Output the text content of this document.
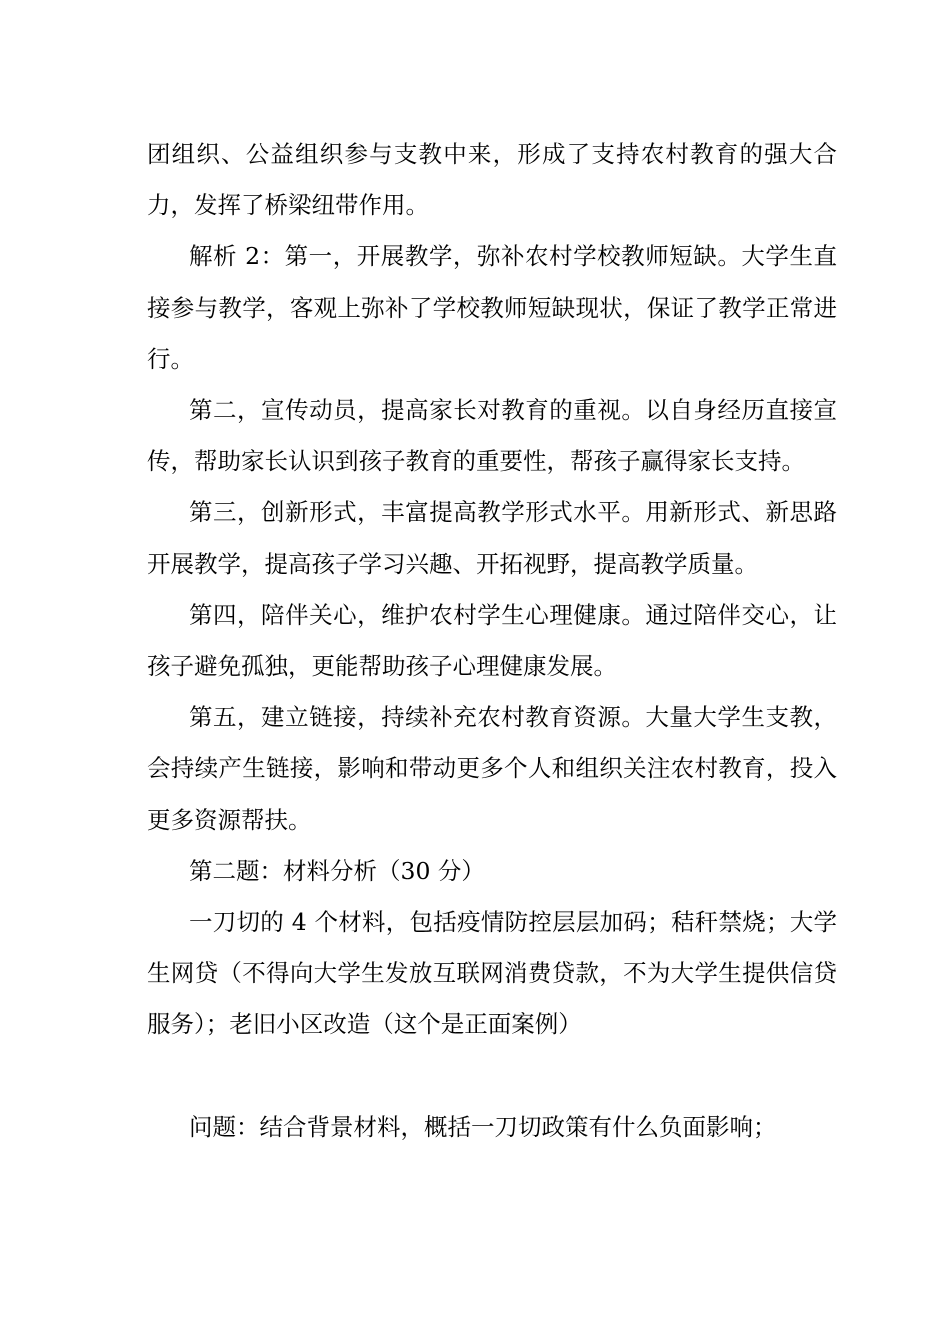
团组织、公益组织参与支教中来，形成了支持农村教育的强大合力，发挥了桥梁纽带作用。

解析 2：第一，开展教学，弥补农村学校教师短缺。大学生直接参与教学，客观上弥补了学校教师短缺现状，保证了教学正常进行。

第二，宣传动员，提高家长对教育的重视。以自身经历直接宣传，帮助家长认识到孩子教育的重要性，帮孩子赢得家长支持。

第三，创新形式，丰富提高教学形式水平。用新形式、新思路开展教学，提高孩子学习兴趣、开拓视野，提高教学质量。

第四，陪伴关心，维护农村学生心理健康。通过陪伴交心，让孩子避免孤独，更能帮助孩子心理健康发展。

第五，建立链接，持续补充农村教育资源。大量大学生支教，会持续产生链接，影响和带动更多个人和组织关注农村教育，投入更多资源帮扶。

第二题：材料分析（30 分）

一刀切的 4 个材料，包括疫情防控层层加码；秸秆禁烧；大学生网贷（不得向大学生发放互联网消费贷款，不为大学生提供信贷服务）；老旧小区改造（这个是正面案例）

问题：结合背景材料，概括一刀切政策有什么负面影响；
